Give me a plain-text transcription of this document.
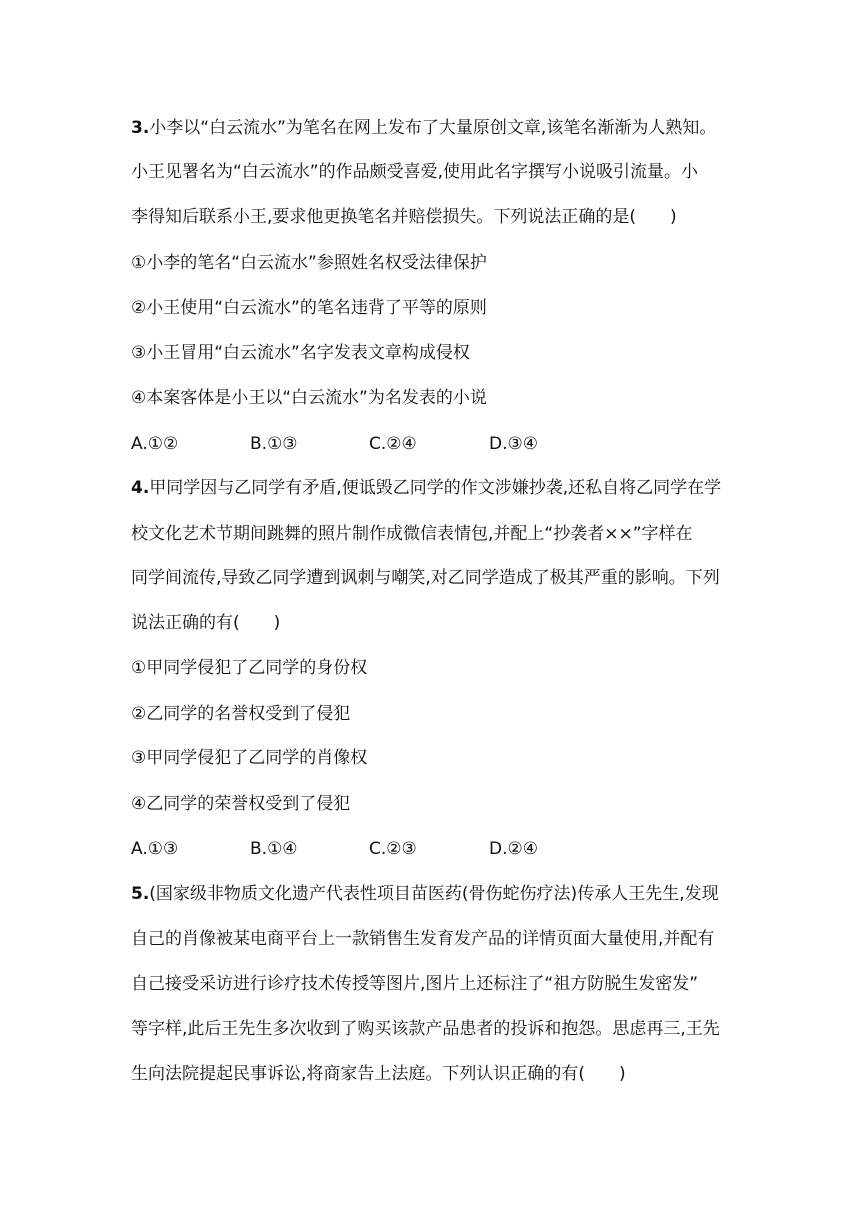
3.小李以“白云流水”为笔名在网上发布了大量原创文章,该笔名渐渐为人熟知。
小王见署名为“白云流水”的作品颇受喜爱,使用此名字撰写小说吸引流量。小
李得知后联系小王,要求他更换笔名并赔偿损失。下列说法正确的是(　　)
①小李的笔名“白云流水”参照姓名权受法律保护
②小王使用“白云流水”的笔名违背了平等的原则
③小王冒用“白云流水”名字发表文章构成侵权
④本案客体是小王以“白云流水”为名发表的小说
A.①②	B.①③	C.②④	D.③④
4.甲同学因与乙同学有矛盾,便诋毁乙同学的作文涉嫌抄袭,还私自将乙同学在学
校文化艺术节期间跳舞的照片制作成微信表情包,并配上“抄袭者××”字样在
同学间流传,导致乙同学遭到讽刺与嘲笑,对乙同学造成了极其严重的影响。下列
说法正确的有(　　)
①甲同学侵犯了乙同学的身份权
②乙同学的名誉权受到了侵犯
③甲同学侵犯了乙同学的肖像权
④乙同学的荣誉权受到了侵犯
A.①③	B.①④	C.②③	D.②④
5.(国家级非物质文化遗产代表性项目苗医药(骨伤蛇伤疗法)传承人王先生,发现
自己的肖像被某电商平台上一款销售生发育发产品的详情页面大量使用,并配有
自己接受采访进行诊疗技术传授等图片,图片上还标注了“祖方防脱生发密发”
等字样,此后王先生多次收到了购买该款产品患者的投诉和抱怨。思虑再三,王先
生向法院提起民事诉讼,将商家告上法庭。下列认识正确的有(　　)
